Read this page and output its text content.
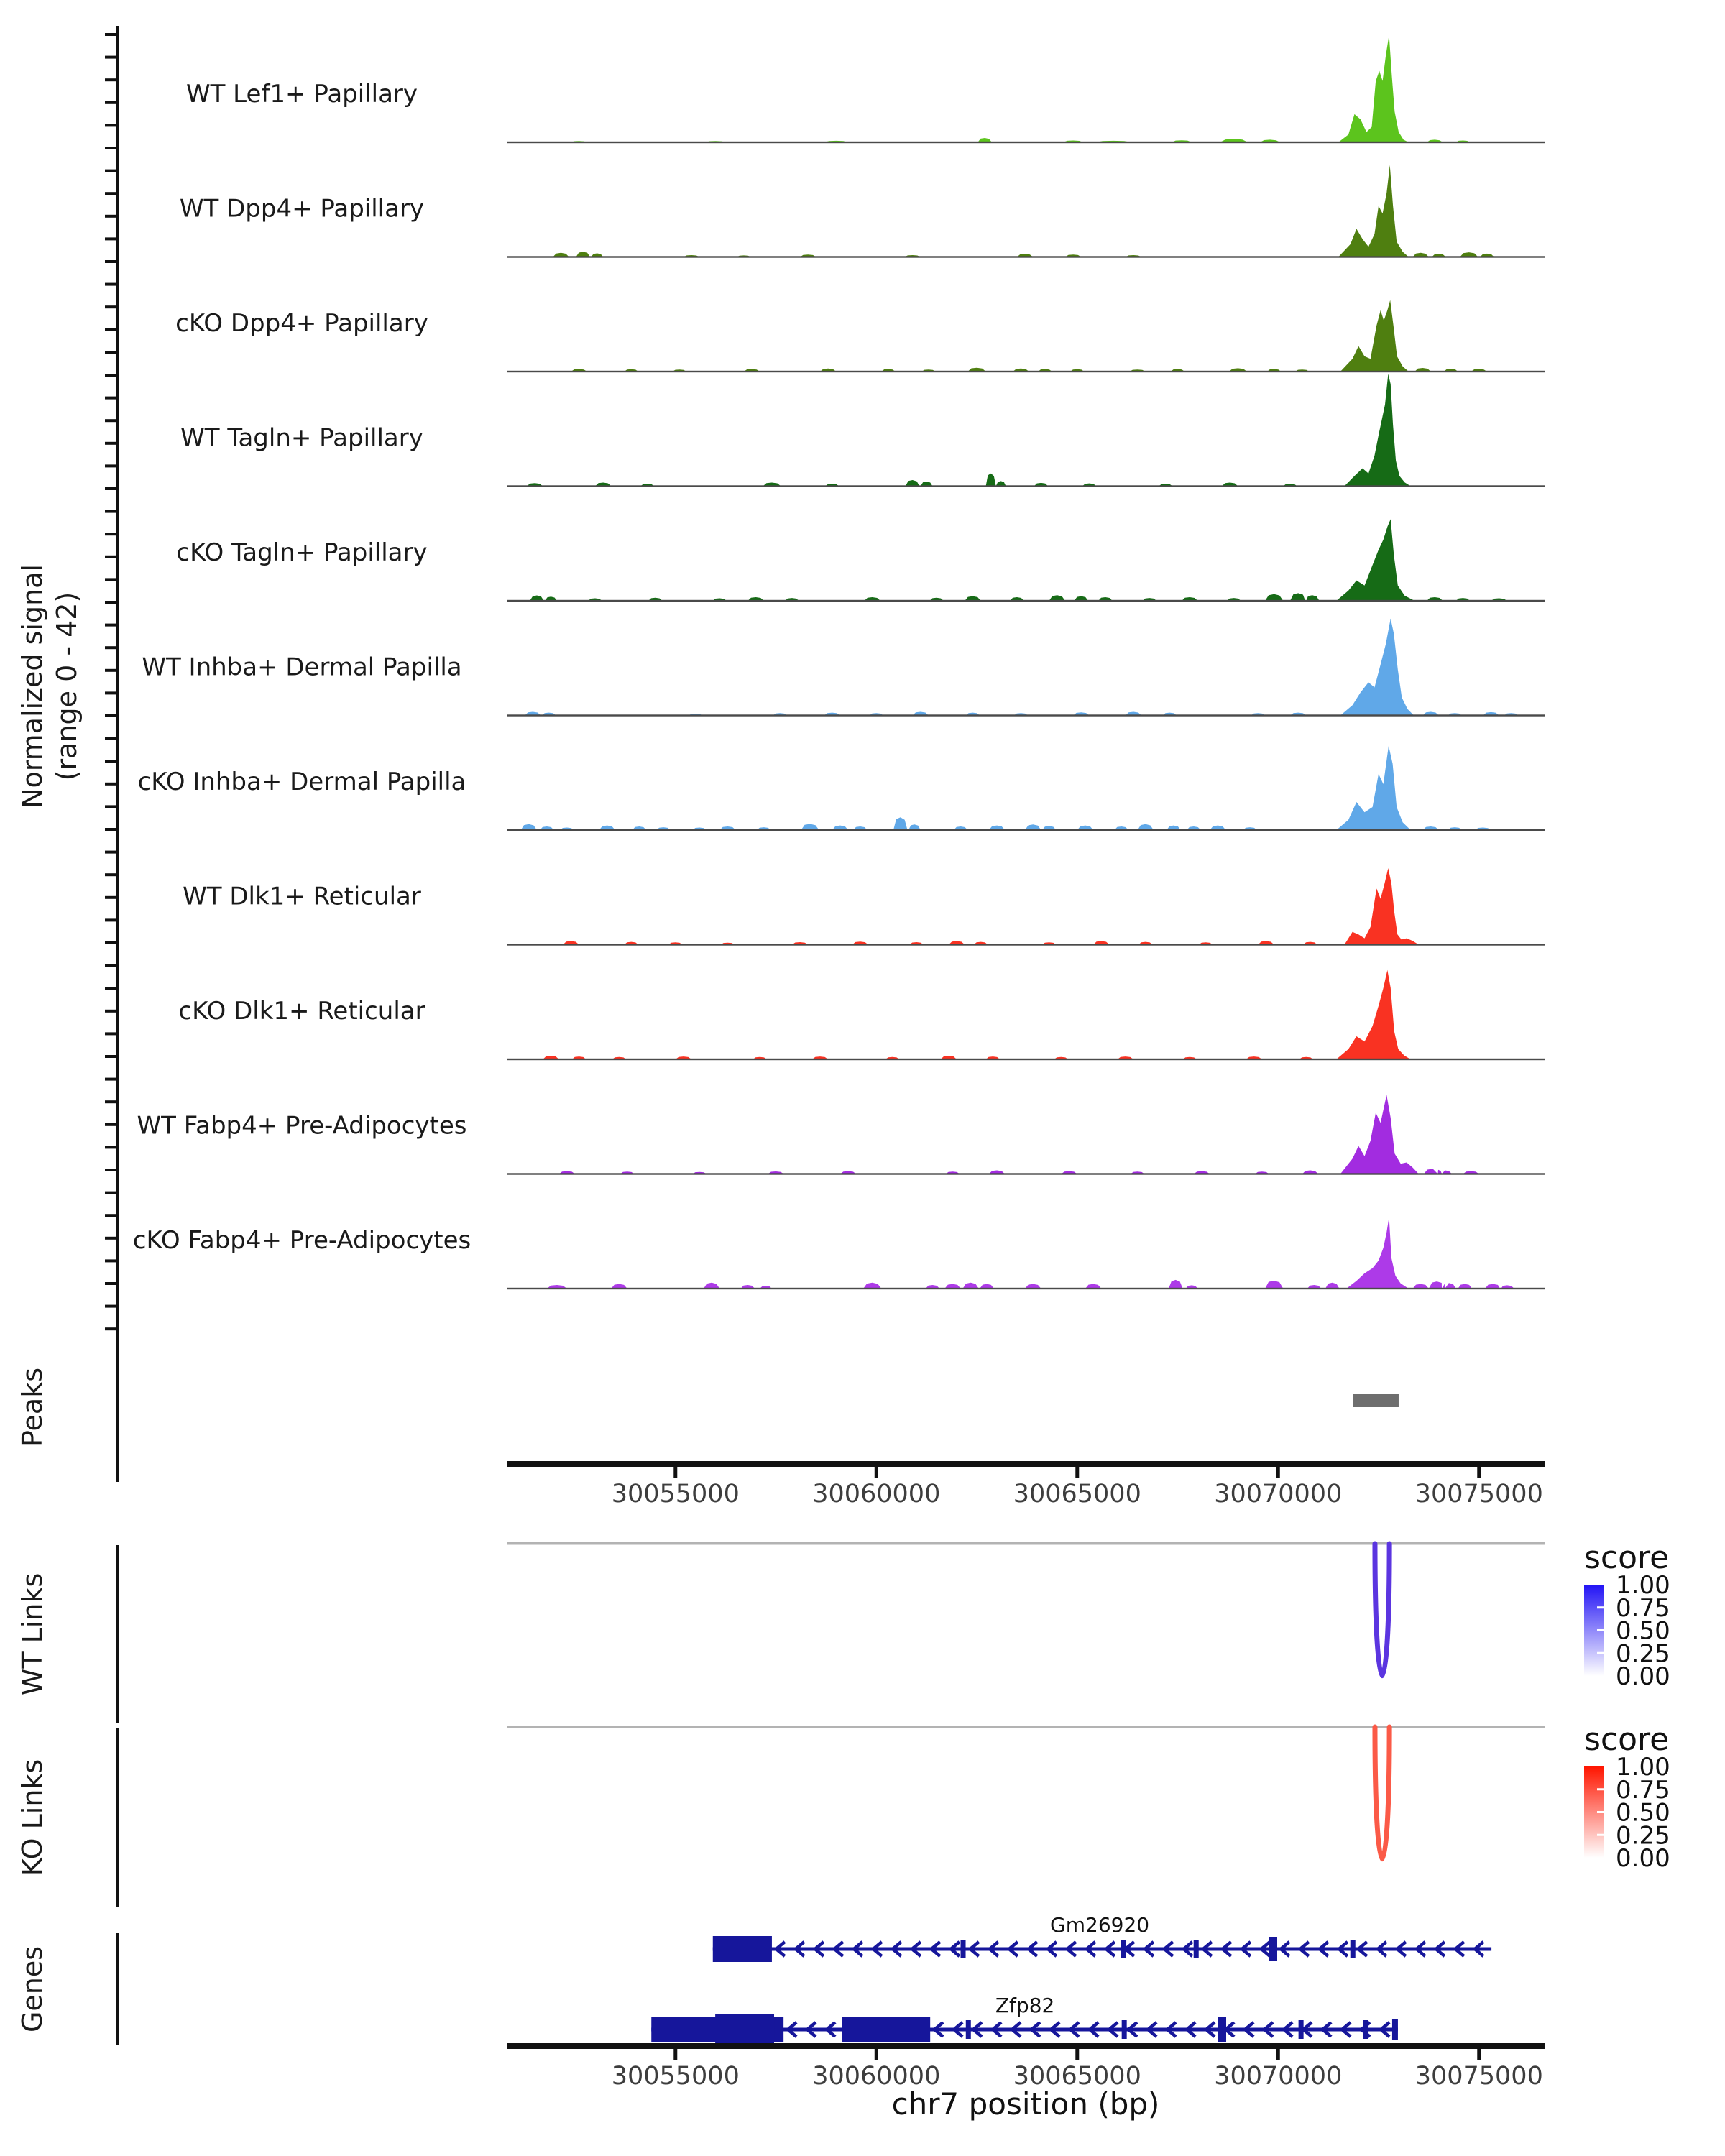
Normalized signal (range 0 - 42)
WT Lef1+ Papillary
WT Dpp4+ Papillary
cKO Dpp4+ Papillary
WT Tagln+ Papillary
cKO Tagln+ Papillary
WT Inhba+ Dermal Papilla
cKO Inhba+ Dermal Papilla
WT Dlk1+ Reticular
cKO Dlk1+ Reticular
WT Fabp4+ Pre-Adipocytes
cKO Fabp4+ Pre-Adipocytes
Peaks
30055000	30060000	30065000	30070000	30075000
WT Links
KO Links
score
score
1.00
0.75
0.50
0.25
0.00
1.00
0.75
0.50
0.25
0.00
Genes
Gm26920
Zfp82
30055000	30060000	30065000	30070000	30075000
chr7 position (bp)
